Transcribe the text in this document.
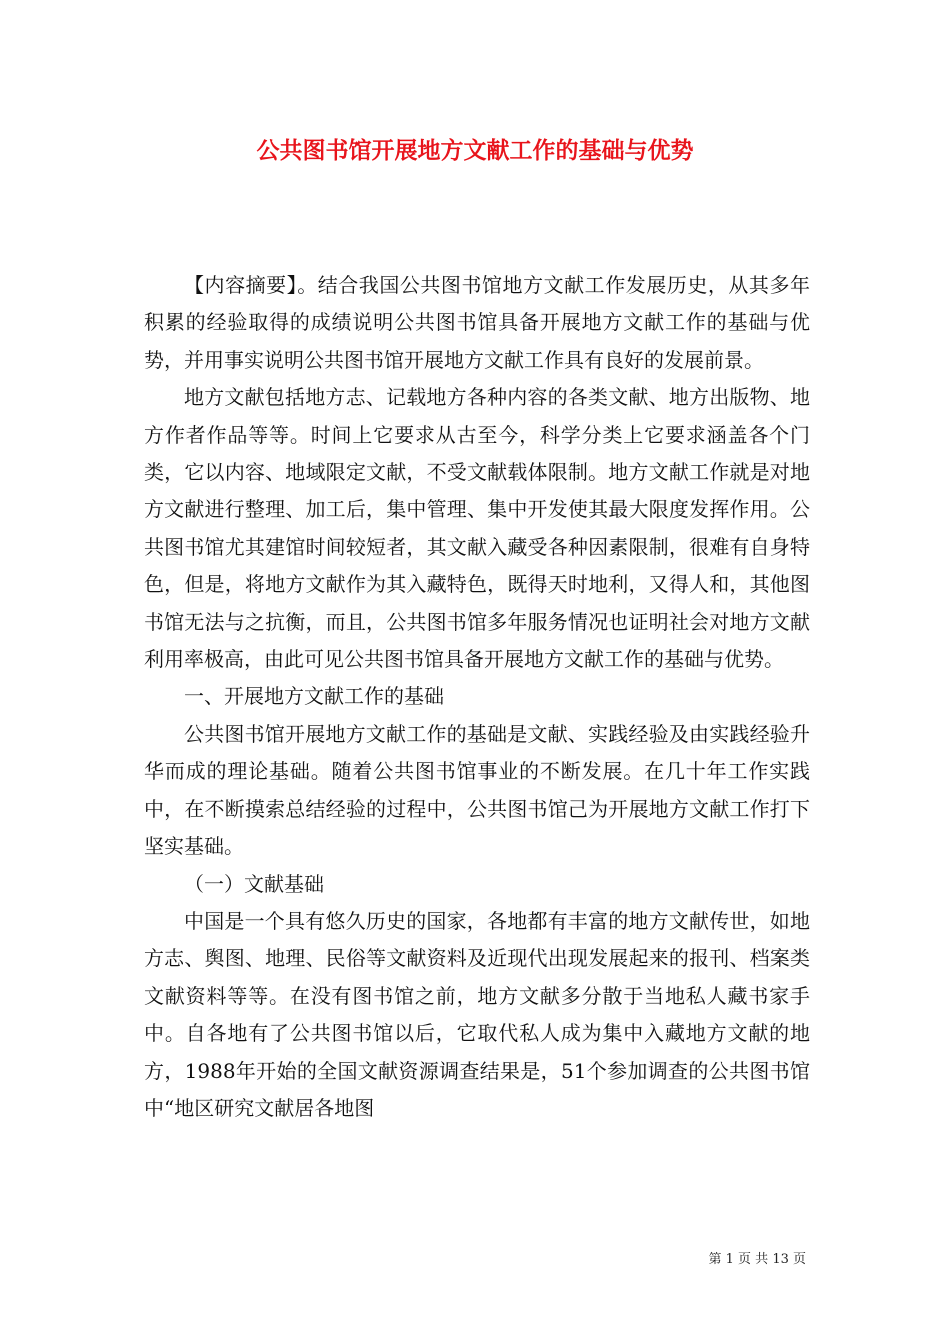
公共图书馆开展地方文献工作的基础与优势

【内容摘要】。结合我国公共图书馆地方文献工作发展历史，从其多年积累的经验取得的成绩说明公共图书馆具备开展地方文献工作的基础与优势，并用事实说明公共图书馆开展地方文献工作具有良好的发展前景。

地方文献包括地方志、记载地方各种内容的各类文献、地方出版物、地方作者作品等等。时间上它要求从古至今，科学分类上它要求涵盖各个门类，它以内容、地域限定文献，不受文献载体限制。地方文献工作就是对地方文献进行整理、加工后，集中管理、集中开发使其最大限度发挥作用。公共图书馆尤其建馆时间较短者，其文献入藏受各种因素限制，很难有自身特色，但是，将地方文献作为其入藏特色，既得天时地利，又得人和，其他图书馆无法与之抗衡，而且，公共图书馆多年服务情况也证明社会对地方文献利用率极高，由此可见公共图书馆具备开展地方文献工作的基础与优势。

一、开展地方文献工作的基础

公共图书馆开展地方文献工作的基础是文献、实践经验及由实践经验升华而成的理论基础。随着公共图书馆事业的不断发展。在几十年工作实践中，在不断摸索总结经验的过程中，公共图书馆己为开展地方文献工作打下坚实基础。

（一）文献基础

中国是一个具有悠久历史的国家，各地都有丰富的地方文献传世，如地方志、舆图、地理、民俗等文献资料及近现代出现发展起来的报刊、档案类文献资料等等。在没有图书馆之前，地方文献多分散于当地私人藏书家手中。自各地有了公共图书馆以后，它取代私人成为集中入藏地方文献的地方，1988年开始的全国文献资源调查结果是，51个参加调查的公共图书馆中“地区研究文献居各地图

第 1 页 共 13 页
